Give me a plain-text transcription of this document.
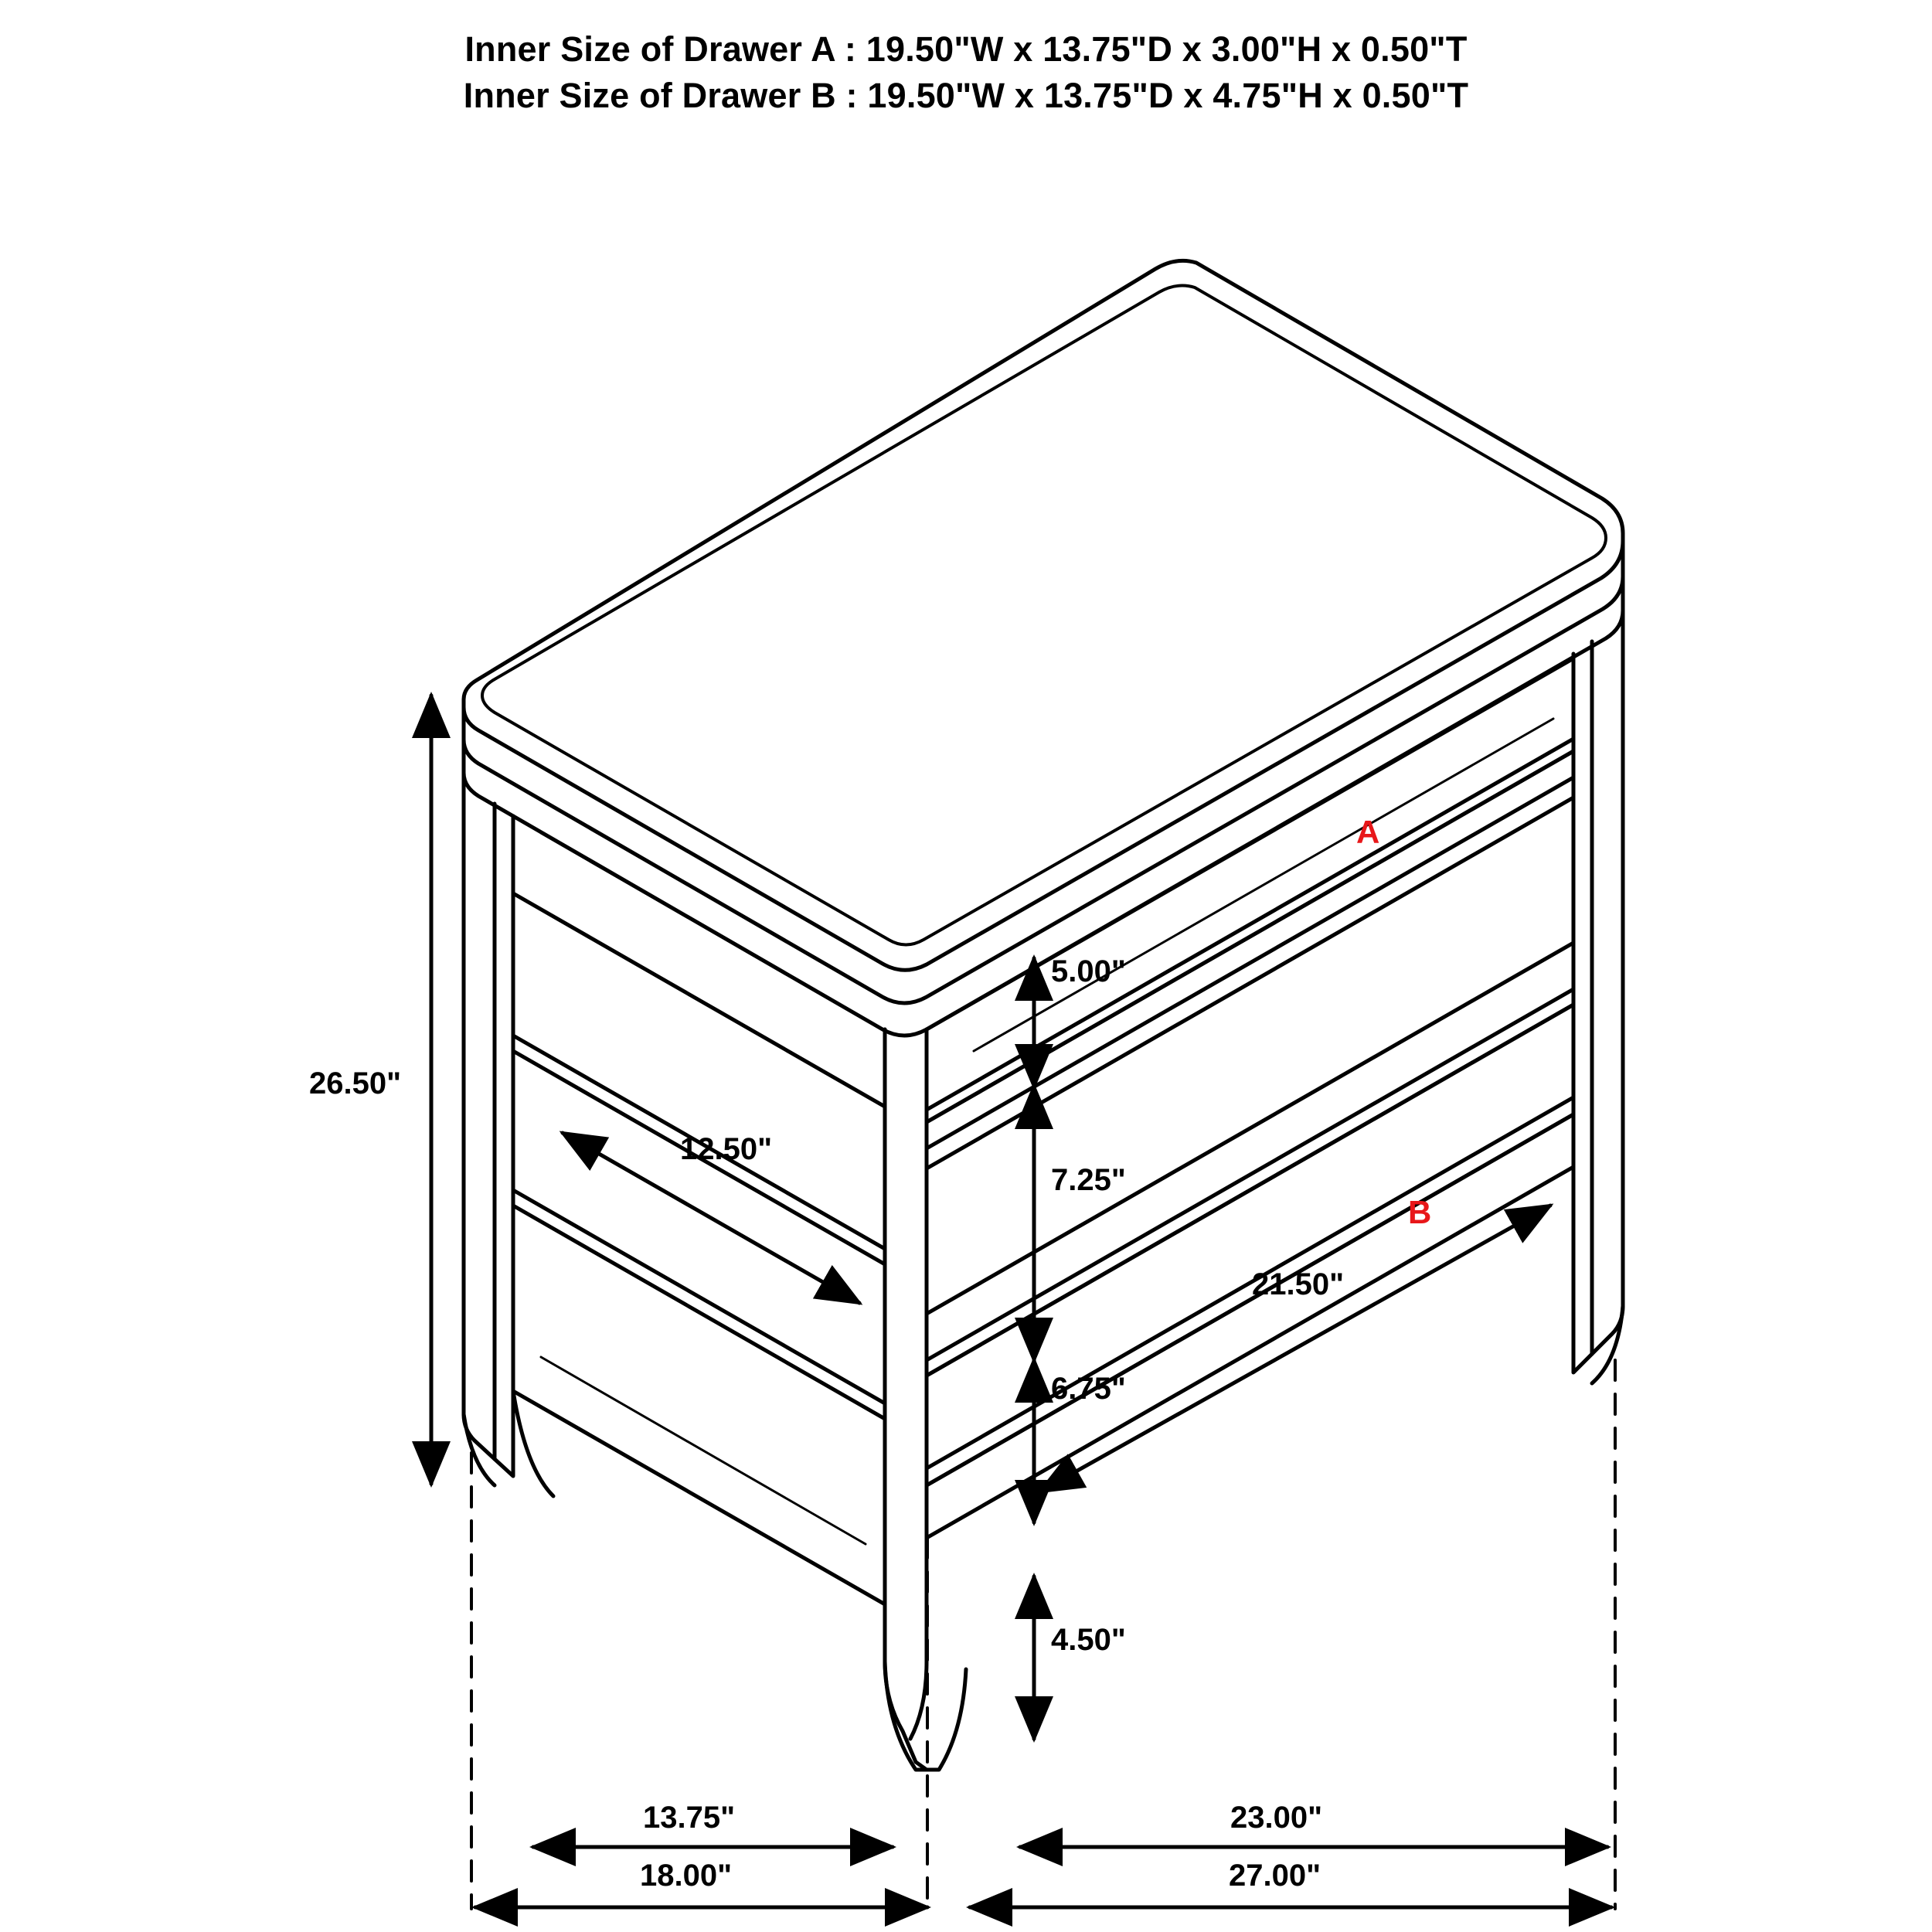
Inner Size of Drawer A : 19.50"W x 13.75"D x 3.00"H x 0.50"T
Inner Size of Drawer B : 19.50"W x 13.75"D x 4.75"H x 0.50"T
26.50"
12.50"
5.00"
7.25"
6.75"
4.50"
21.50"
13.75"	23.00"
18.00"	27.00"
A
B
